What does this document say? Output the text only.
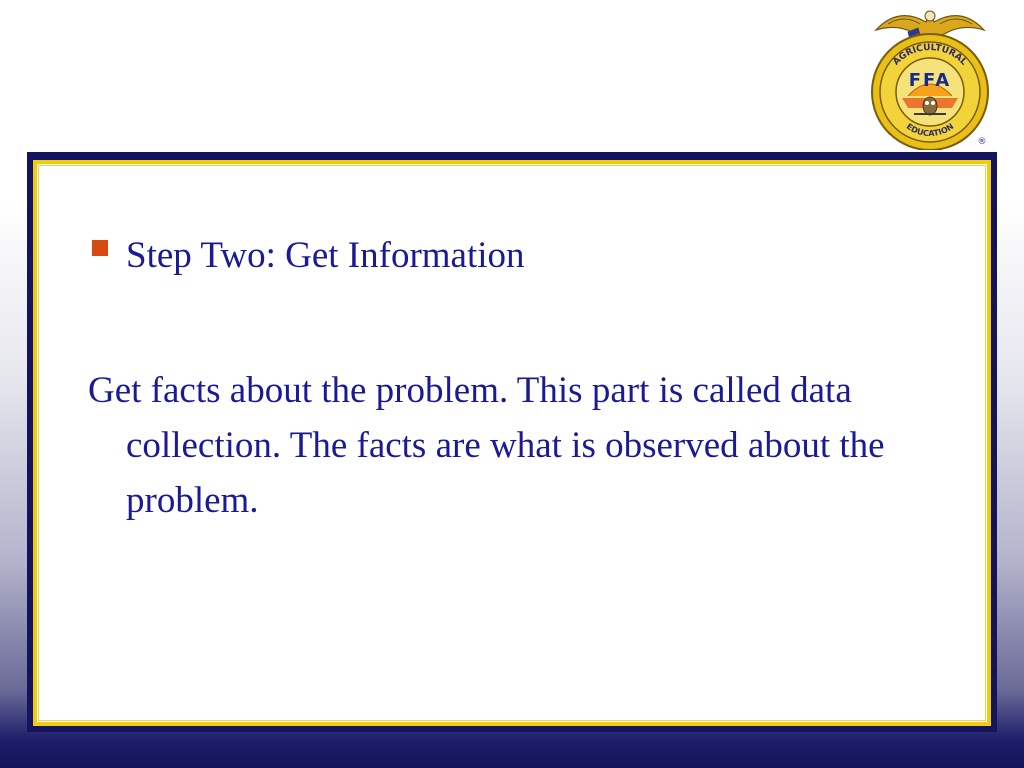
Step Two: Get Information
Get facts about the problem. This part is called data collection. The facts are what is observed about the problem.
AGRICULTURAL
EDUCATION
FFA
®
